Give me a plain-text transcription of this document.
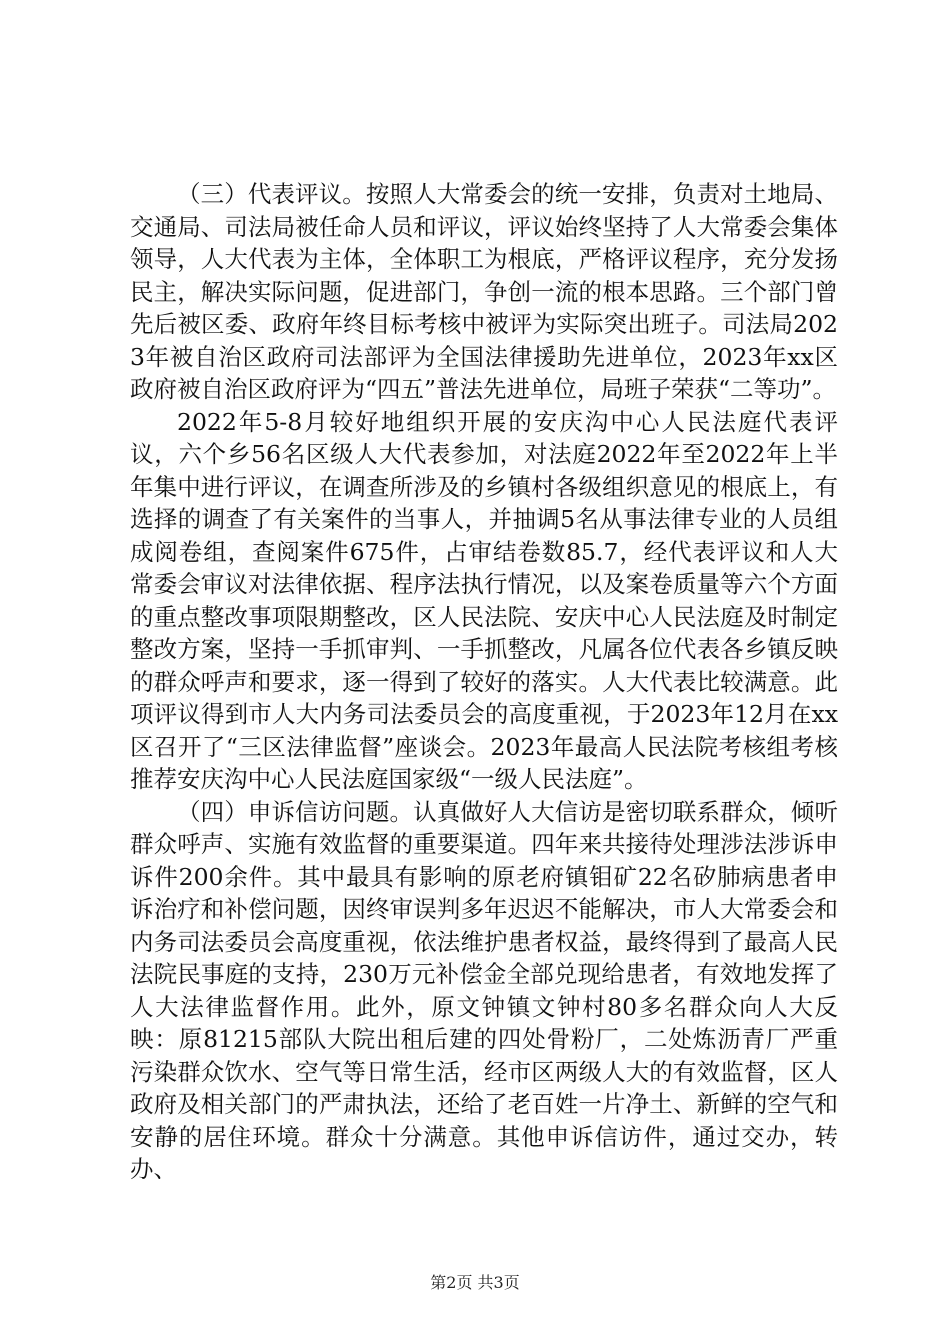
（三）代表评议。按照人大常委会的统一安排，负责对土地局、交通局、司法局被任命人员和评议，评议始终坚持了人大常委会集体领导，人大代表为主体，全体职工为根底，严格评议程序，充分发扬民主，解决实际问题，促进部门，争创一流的根本思路。三个部门曾先后被区委、政府年终目标考核中被评为实际突出班子。司法局2023年被自治区政府司法部评为全国法律援助先进单位，2023年xx区政府被自治区政府评为“四五”普法先进单位，局班子荣获“二等功”。

2022年5-8月较好地组织开展的安庆沟中心人民法庭代表评议，六个乡56名区级人大代表参加，对法庭2022年至2022年上半年集中进行评议，在调查所涉及的乡镇村各级组织意见的根底上，有选择的调查了有关案件的当事人，并抽调5名从事法律专业的人员组成阅卷组，查阅案件675件，占审结卷数85.7，经代表评议和人大常委会审议对法律依据、程序法执行情况，以及案卷质量等六个方面的重点整改事项限期整改，区人民法院、安庆中心人民法庭及时制定整改方案，坚持一手抓审判、一手抓整改，凡属各位代表各乡镇反映的群众呼声和要求，逐一得到了较好的落实。人大代表比较满意。此项评议得到市人大内务司法委员会的高度重视，于2023年12月在xx区召开了“三区法律监督”座谈会。2023年最高人民法院考核组考核推荐安庆沟中心人民法庭国家级“一级人民法庭”。

（四）申诉信访问题。认真做好人大信访是密切联系群众，倾听群众呼声、实施有效监督的重要渠道。四年来共接待处理涉法涉诉申诉件200余件。其中最具有影响的原老府镇钼矿22名矽肺病患者申诉治疗和补偿问题，因终审误判多年迟迟不能解决，市人大常委会和内务司法委员会高度重视，依法维护患者权益，最终得到了最高人民法院民事庭的支持，230万元补偿金全部兑现给患者，有效地发挥了人大法律监督作用。此外，原文钟镇文钟村80多名群众向人大反映：原81215部队大院出租后建的四处骨粉厂，二处炼沥青厂严重污染群众饮水、空气等日常生活，经市区两级人大的有效监督，区人政府及相关部门的严肃执法，还给了老百姓一片净土、新鲜的空气和安静的居住环境。群众十分满意。其他申诉信访件，通过交办，转办、

第2页 共3页
